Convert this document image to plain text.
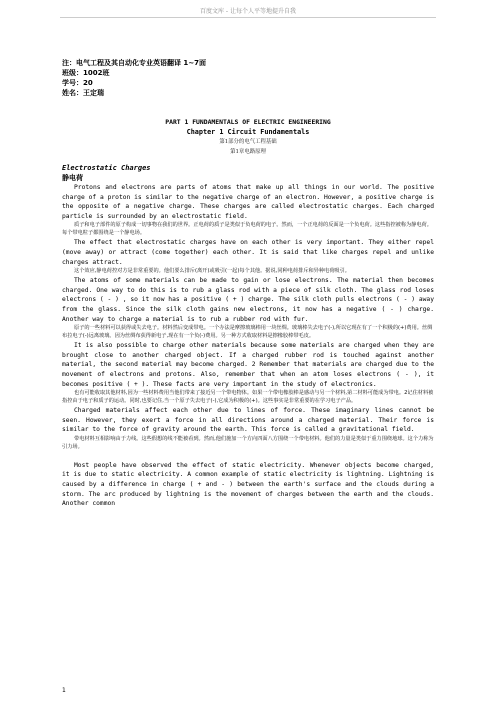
百度文库 - 让每个人平等地提升自我
注：电气工程及其自动化专业英语翻译 1~7面
班级：1002班
学号：20
姓名：王定瑞
PART 1 FUNDAMENTALS OF ELECTRIC ENGINEERING
Chapter 1 Circuit Fundamentals
第1部分的电气工程基础
第1章电路原理
Electrostatic Charges
静电荷

Protons and electrons are parts of atoms that make up all things in our world. The positive charge of a proton is similar to the negative charge of an electron. However, a positive charge is the opposite of a negative charge. These charges are called electrostatic charges. Each charged particle is surrounded by an electrostatic field.

质子和电子部件的原子构成一切事物在我们的世界。正电荷的质子是类似于负电荷的电子。然而，一个正电荷的反面是一个负电荷。这些指控被称为静电荷。每个带电粒子都围绕是一个静电场。

The effect that electrostatic charges have on each other is very important. They either repel (move away) or attract (come together) each other. It is said that like charges repel and unlike charges attract.

这个效应,静电荷控对方是非常重要的。他们要么排斥(离开)或吸引(一起)每个其他。据说,同种电荷排斥和异种电荷吸引。

The atoms of some materials can be made to gain or lose electrons. The material then becomes charged. One way to do this is to rub a glass rod with a piece of silk cloth. The glass rod loses electrons ( - ) , so it now has a positive ( + ) charge. The silk cloth pulls electrons ( - ) away from the glass. Since the silk cloth gains new electrons, it now has a negative ( - ) charge. Another way to charge a material is to rub a rubber rod with fur.

原子的一些材料可以获得或失去电子。材料然后变成带电。一个办法是摩擦玻璃棒用一块丝绸。玻璃棒失去电子(-),所以它现在有了一个积极的(+)费用。丝绸布拉电子(-)远离玻璃。因为丝绸布获得新电子,现在有一个负(-)费用。另一种方式收取材料是擦橡胶棒带毛皮。

It is also possible to charge other materials because some materials are charged when they are brought close to another charged object. If a charged rubber rod is touched against another material, the second material may become charged. 2 Remember that materials are charged due to the movement of electrons and protons. Also, remember that when an atom loses electrons ( - ), it becomes positive ( + ). These facts are very important in the study of electronics.

也有可能收取其他材料,因为一些材料费用当他们带来了接近另一个带电物体。如果一个带电橡胶棒是感动与另一个材料,第二材料可能成为带电。2记住材料被指控由于电子和质子的运动。同时,也要记住,当一个原子失去电子(-),它成为积极的(+)。这些事实是非常重要的在学习电子产品。

Charged materials affect each other due to lines of force. These imaginary lines cannot be seen. However, they exert a force in all directions around a charged material. Their force is similar to the force of gravity around the earth. This force is called a gravitational field.

带电材料互相影响由于力线。这些假想的线不能被看到。然而,他们施加一个方向四面八方围绕一个带电材料。他们的力量是类似于重力围绕地球。这个力称为引力场。

Most people have observed the effect of static electricity. Whenever objects become charged, it is due to static electricity. A common example of static electricity is lightning. Lightning is caused by a difference in charge ( + and - ) between the earth's surface and the clouds during a storm. The arc produced by lightning is the movement of charges between the earth and the clouds. Another common

1
